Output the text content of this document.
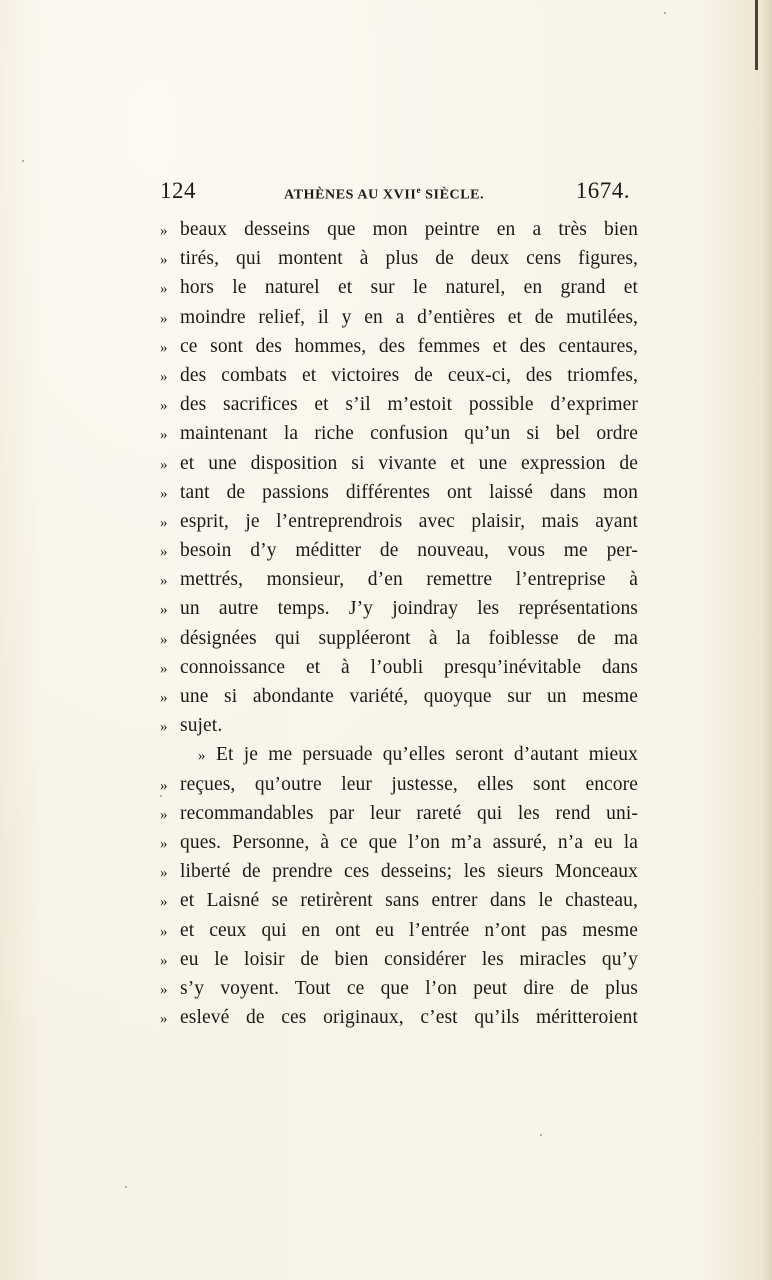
124	ATHÈNES AU XVIIe SIÈCLE.	1674.
» beaux desseins que mon peintre en a très bien
» tirés, qui montent à plus de deux cens figures,
» hors le naturel et sur le naturel, en grand et
» moindre relief, il y en a d’entières et de mutilées,
» ce sont des hommes, des femmes et des centaures,
» des combats et victoires de ceux-ci, des triomfes,
» des sacrifices et s’il m’estoit possible d’exprimer
» maintenant la riche confusion qu’un si bel ordre
» et une disposition si vivante et une expression de
» tant de passions différentes ont laissé dans mon
» esprit, je l’entreprendrois avec plaisir, mais ayant
» besoin d’y méditter de nouveau, vous me per-
» mettrés, monsieur, d’en remettre l’entreprise à
» un autre temps. J’y joindray les représentations
» désignées qui suppléeront à la foiblesse de ma
» connoissance et à l’oubli presqu’inévitable dans
» une si abondante variété, quoyque sur un mesme
» sujet.
» Et je me persuade qu’elles seront d’autant mieux
» reçues, qu’outre leur justesse, elles sont encore
» recommandables par leur rareté qui les rend uni-
» ques. Personne, à ce que l’on m’a assuré, n’a eu la
» liberté de prendre ces desseins; les sieurs Monceaux
» et Laisné se retirèrent sans entrer dans le chasteau,
» et ceux qui en ont eu l’entrée n’ont pas mesme
» eu le loisir de bien considérer les miracles qu’y
» s’y voyent. Tout ce que l’on peut dire de plus
» eslevé de ces originaux, c’est qu’ils méritteroient
